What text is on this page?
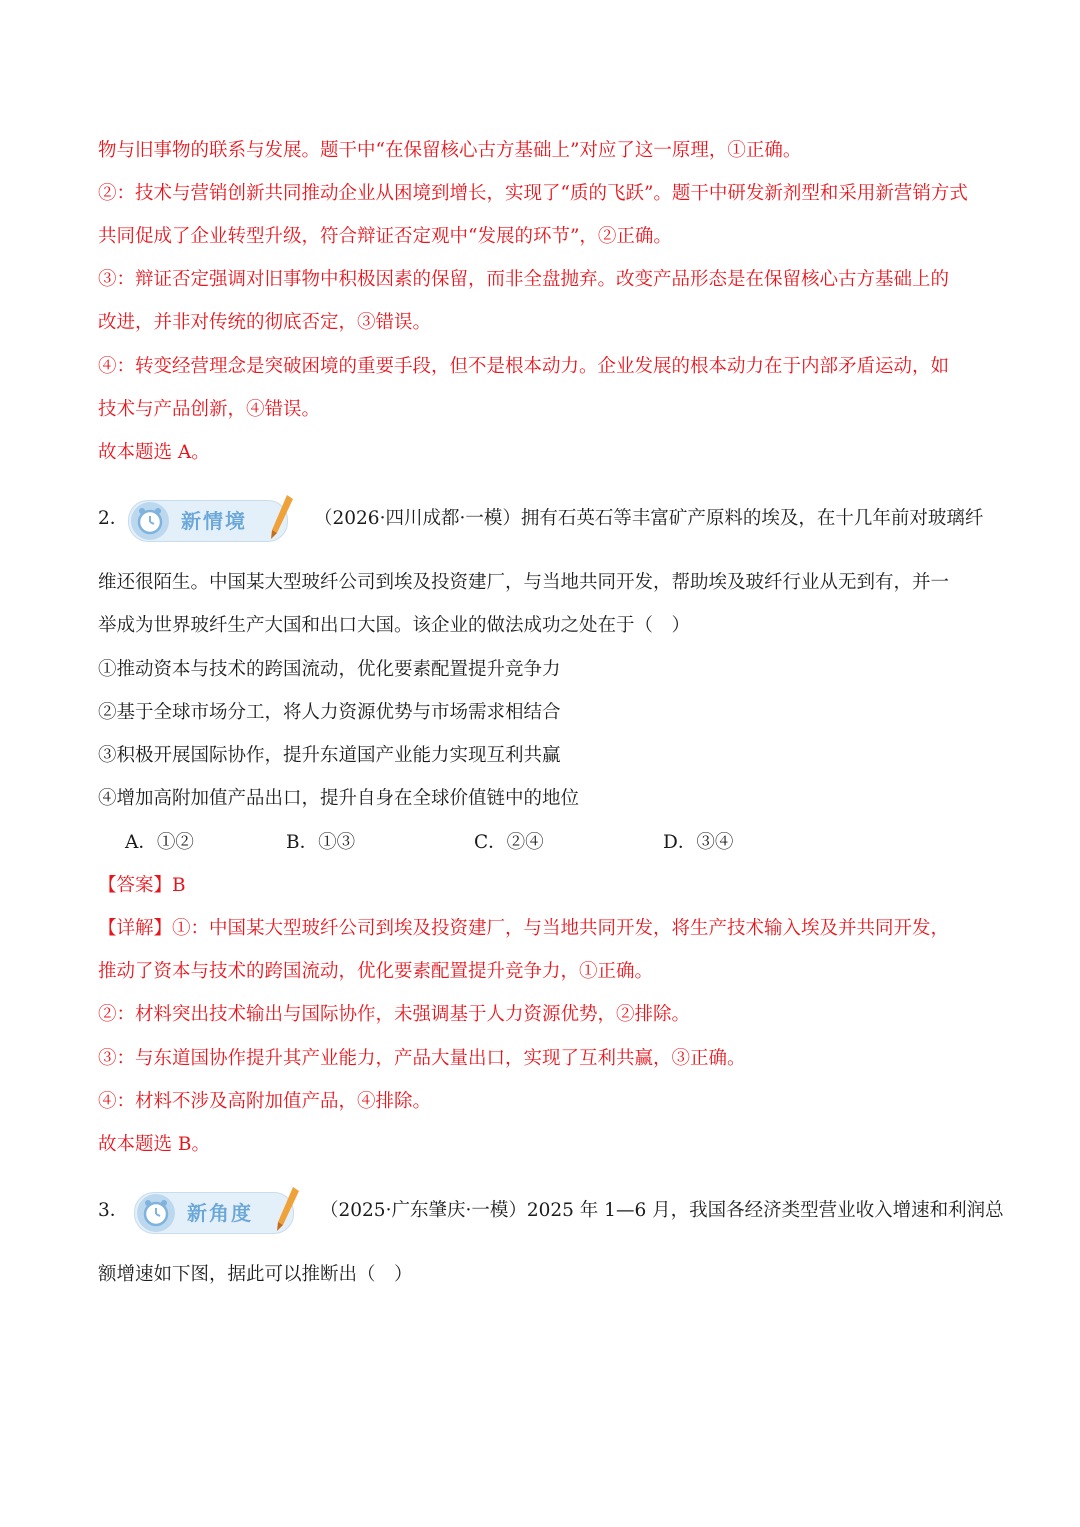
物与旧事物的联系与发展。题干中“在保留核心古方基础上”对应了这一原理，①正确。
②：技术与营销创新共同推动企业从困境到增长，实现了“质的飞跃”。题干中研发新剂型和采用新营销方式
共同促成了企业转型升级，符合辩证否定观中“发展的环节”，②正确。
③：辩证否定强调对旧事物中积极因素的保留，而非全盘抛弃。改变产品形态是在保留核心古方基础上的
改进，并非对传统的彻底否定，③错误。
④：转变经营理念是突破困境的重要手段，但不是根本动力。企业发展的根本动力在于内部矛盾运动，如
技术与产品创新，④错误。
故本题选 A。
2．	新情境	（2026·四川成都·一模）拥有石英石等丰富矿产原料的埃及，在十几年前对玻璃纤
维还很陌生。中国某大型玻纤公司到埃及投资建厂，与当地共同开发，帮助埃及玻纤行业从无到有，并一
举成为世界玻纤生产大国和出口大国。该企业的做法成功之处在于（　）
①推动资本与技术的跨国流动，优化要素配置提升竞争力
②基于全球市场分工，将人力资源优势与市场需求相结合
③积极开展国际协作，提升东道国产业能力实现互利共赢
④增加高附加值产品出口，提升自身在全球价值链中的地位
A．①②	B．①③	C．②④	D．③④
【答案】B
【详解】①：中国某大型玻纤公司到埃及投资建厂，与当地共同开发，将生产技术输入埃及并共同开发，
推动了资本与技术的跨国流动，优化要素配置提升竞争力，①正确。
②：材料突出技术输出与国际协作，未强调基于人力资源优势，②排除。
③：与东道国协作提升其产业能力，产品大量出口，实现了互利共赢，③正确。
④：材料不涉及高附加值产品，④排除。
故本题选 B。
3．	新角度	（2025·广东肇庆·一模）2025 年 1—6 月，我国各经济类型营业收入增速和利润总
额增速如下图，据此可以推断出（　）
